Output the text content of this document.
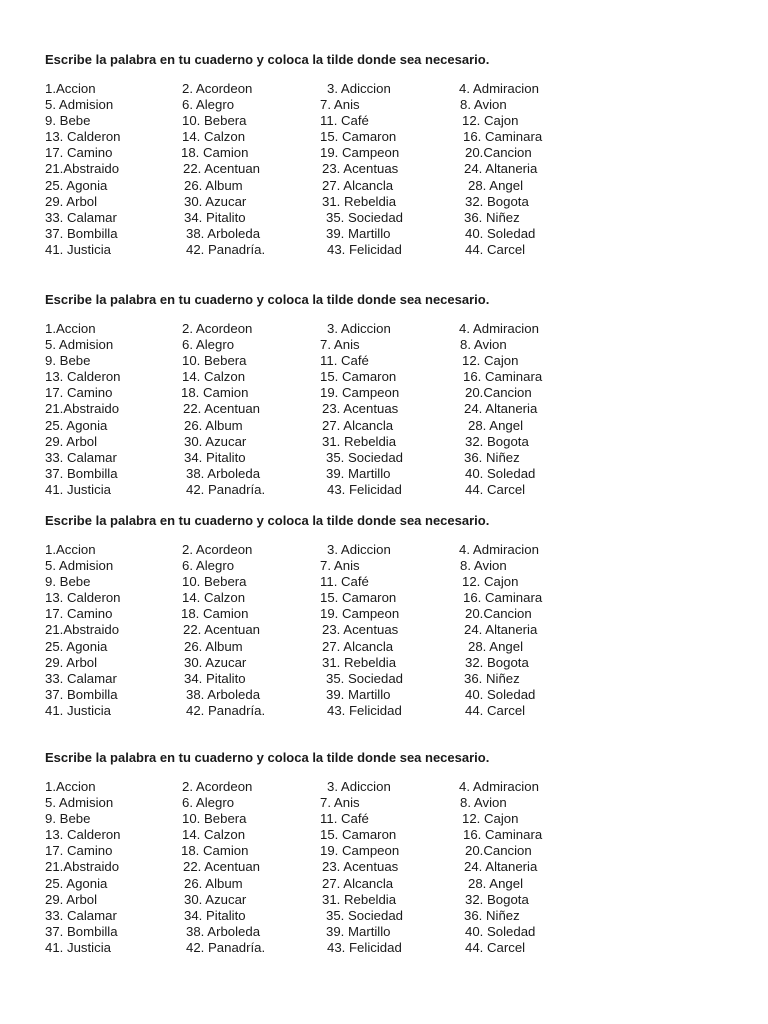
Escribe la palabra en tu cuaderno y coloca la tilde donde sea necesario.
1.Accion	2. Acordeon	3. Adiccion	4. Admiracion
5. Admision	6. Alegro	7. Anis	8. Avion
9. Bebe	10. Bebera	11. Café	12. Cajon
13. Calderon	14. Calzon	15. Camaron	16. Caminara
17. Camino	18. Camion	19. Campeon	20.Cancion
21.Abstraido	22. Acentuan	23. Acentuas	24. Altaneria
25. Agonia	26. Album	27. Alcancla	28. Angel
29. Arbol	30. Azucar	31. Rebeldia	32. Bogota
33. Calamar	34. Pitalito	35. Sociedad	36. Niñez
37. Bombilla	38. Arboleda	39. Martillo	40. Soledad
41. Justicia	42. Panadría.	43. Felicidad	44. Carcel
Escribe la palabra en tu cuaderno y coloca la tilde donde sea necesario.
1.Accion	2. Acordeon	3. Adiccion	4. Admiracion
5. Admision	6. Alegro	7. Anis	8. Avion
9. Bebe	10. Bebera	11. Café	12. Cajon
13. Calderon	14. Calzon	15. Camaron	16. Caminara
17. Camino	18. Camion	19. Campeon	20.Cancion
21.Abstraido	22. Acentuan	23. Acentuas	24. Altaneria
25. Agonia	26. Album	27. Alcancla	28. Angel
29. Arbol	30. Azucar	31. Rebeldia	32. Bogota
33. Calamar	34. Pitalito	35. Sociedad	36. Niñez
37. Bombilla	38. Arboleda	39. Martillo	40. Soledad
41. Justicia	42. Panadría.	43. Felicidad	44. Carcel
Escribe la palabra en tu cuaderno y coloca la tilde donde sea necesario.
1.Accion	2. Acordeon	3. Adiccion	4. Admiracion
5. Admision	6. Alegro	7. Anis	8. Avion
9. Bebe	10. Bebera	11. Café	12. Cajon
13. Calderon	14. Calzon	15. Camaron	16. Caminara
17. Camino	18. Camion	19. Campeon	20.Cancion
21.Abstraido	22. Acentuan	23. Acentuas	24. Altaneria
25. Agonia	26. Album	27. Alcancla	28. Angel
29. Arbol	30. Azucar	31. Rebeldia	32. Bogota
33. Calamar	34. Pitalito	35. Sociedad	36. Niñez
37. Bombilla	38. Arboleda	39. Martillo	40. Soledad
41. Justicia	42. Panadría.	43. Felicidad	44. Carcel
Escribe la palabra en tu cuaderno y coloca la tilde donde sea necesario.
1.Accion	2. Acordeon	3. Adiccion	4. Admiracion
5. Admision	6. Alegro	7. Anis	8. Avion
9. Bebe	10. Bebera	11. Café	12. Cajon
13. Calderon	14. Calzon	15. Camaron	16. Caminara
17. Camino	18. Camion	19. Campeon	20.Cancion
21.Abstraido	22. Acentuan	23. Acentuas	24. Altaneria
25. Agonia	26. Album	27. Alcancla	28. Angel
29. Arbol	30. Azucar	31. Rebeldia	32. Bogota
33. Calamar	34. Pitalito	35. Sociedad	36. Niñez
37. Bombilla	38. Arboleda	39. Martillo	40. Soledad
41. Justicia	42. Panadría.	43. Felicidad	44. Carcel
